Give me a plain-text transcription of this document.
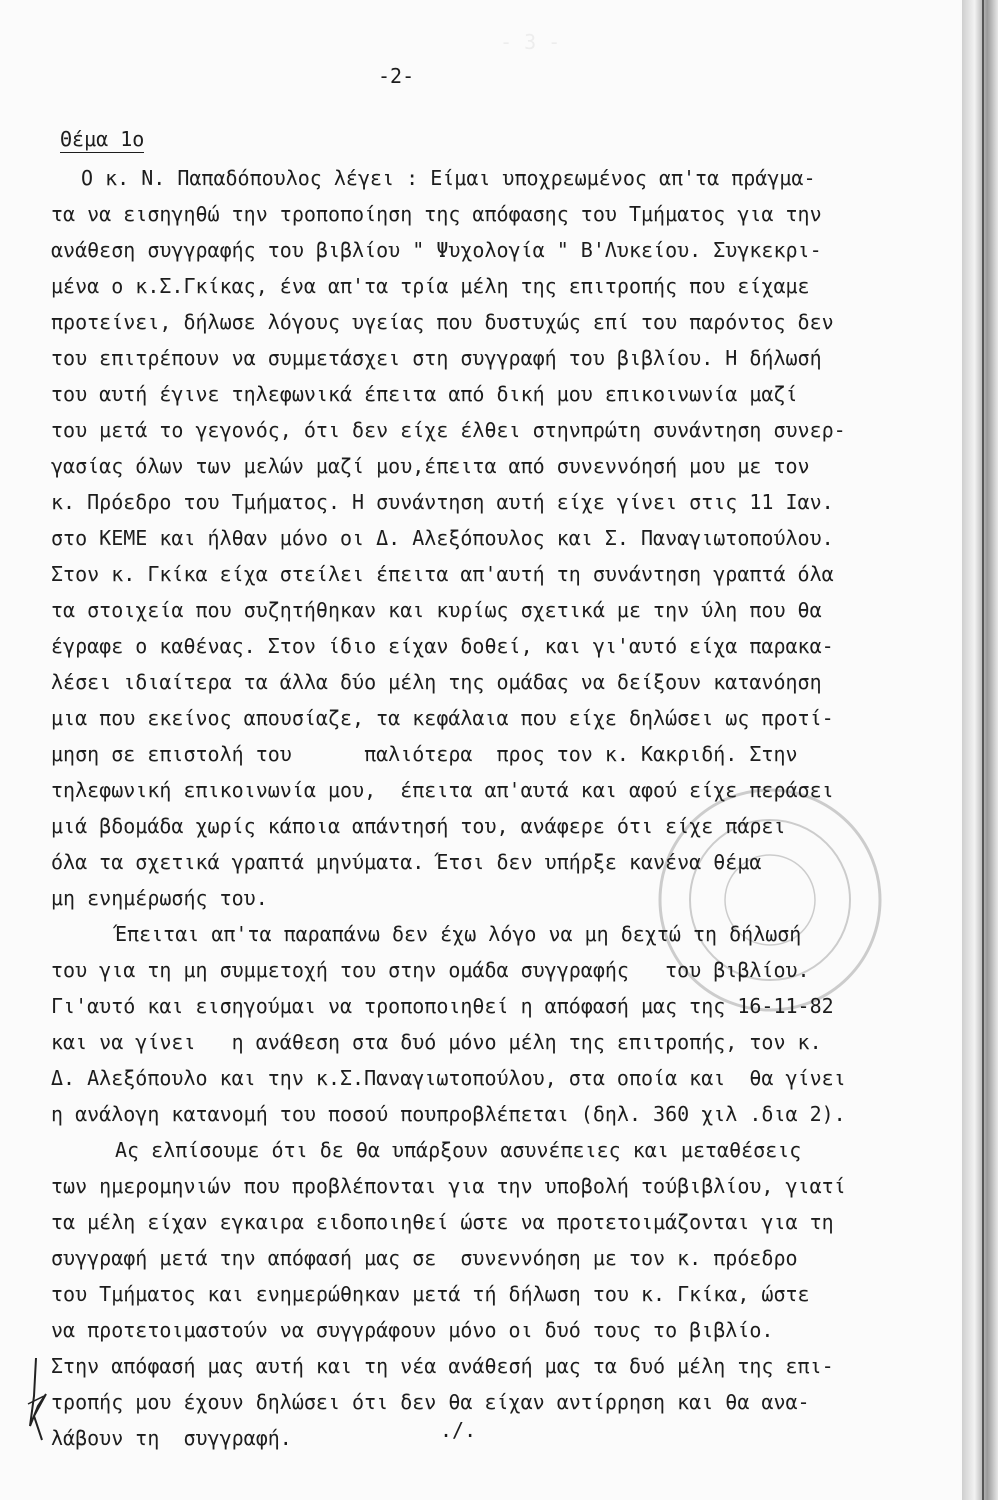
- 3 -
-2-
Θέμα 1ο
Ο κ. Ν. Παπαδόπουλος λέγει : Είμαι υποχρεωμένος απ'τα πράγμα-
τα να εισηγηθώ την τροποποίηση της απόφασης του Τμήματος για την
ανάθεση συγγραφής του βιβλίου " Ψυχολογία " Β'Λυκείου. Συγκεκρι-
μένα ο κ.Σ.Γκίκας, ένα απ'τα τρία μέλη της επιτροπής που είχαμε
προτείνει, δήλωσε λόγους υγείας που δυστυχώς επί του παρόντος δεν
του επιτρέπουν να συμμετάσχει στη συγγραφή του βιβλίου. Η δήλωσή
του αυτή έγινε τηλεφωνικά έπειτα από δική μου επικοινωνία μαζί
του μετά το γεγονός, ότι δεν είχε έλθει στηνπρώτη συνάντηση συνερ-
γασίας όλων των μελών μαζί μου,έπειτα από συνεννόησή μου με τον
κ. Πρόεδρο του Τμήματος. Η συνάντηση αυτή είχε γίνει στις 11 Ιαν.
στο ΚΕΜΕ και ήλθαν μόνο οι Δ. Αλεξόπουλος και Σ. Παναγιωτοπούλου.
Στον κ. Γκίκα είχα στείλει έπειτα απ'αυτή τη συνάντηση γραπτά όλα
τα στοιχεία που συζητήθηκαν και κυρίως σχετικά με την ύλη που θα
έγραφε ο καθένας. Στον ίδιο είχαν δοθεί, και γι'αυτό είχα παρακα-
λέσει ιδιαίτερα τα άλλα δύο μέλη της ομάδας να δείξουν κατανόηση
μια που εκείνος απουσίαζε, τα κεφάλαια που είχε δηλώσει ως προτί-
μηση σε επιστολή του      παλιότερα  προς τον κ. Κακριδή. Στην
τηλεφωνική επικοινωνία μου,  έπειτα απ'αυτά και αφού είχε περάσει
μιά βδομάδα χωρίς κάποια απάντησή του, ανάφερε ότι είχε πάρει
όλα τα σχετικά γραπτά μηνύματα. Έτσι δεν υπήρξε κανένα θέμα
μη ενημέρωσής του.
Έπειται απ'τα παραπάνω δεν έχω λόγο να μη δεχτώ τη δήλωσή
του για τη μη συμμετοχή του στην ομάδα συγγραφής   του βιβλίου.
Γι'αυτό και εισηγούμαι να τροποποιηθεί η απόφασή μας της 16-11-82
και να γίνει   η ανάθεση στα δυό μόνο μέλη της επιτροπής, τον κ.
Δ. Αλεξόπουλο και την κ.Σ.Παναγιωτοπούλου, στα οποία και  θα γίνει
η ανάλογη κατανομή του ποσού πουπροβλέπεται (δηλ. 360 χιλ .δια 2).
Ας ελπίσουμε ότι δε θα υπάρξουν ασυνέπειες και μεταθέσεις
των ημερομηνιών που προβλέπονται για την υποβολή τούβιβλίου, γιατί
τα μέλη είχαν εγκαιρα ειδοποιηθεί ώστε να προτετοιμάζονται για τη
συγγραφή μετά την απόφασή μας σε  συνεννόηση με τον κ. πρόεδρο
του Τμήματος και ενημερώθηκαν μετά τή δήλωση του κ. Γκίκα, ώστε
να προτετοιμαστούν να συγγράφουν μόνο οι δυό τους το βιβλίο.
Στην απόφασή μας αυτή και τη νέα ανάθεσή μας τα δυό μέλη της επι-
τροπής μου έχουν δηλώσει ότι δεν θα είχαν αντίρρηση και θα ανα-
λάβουν τη  συγγραφή.	./.
